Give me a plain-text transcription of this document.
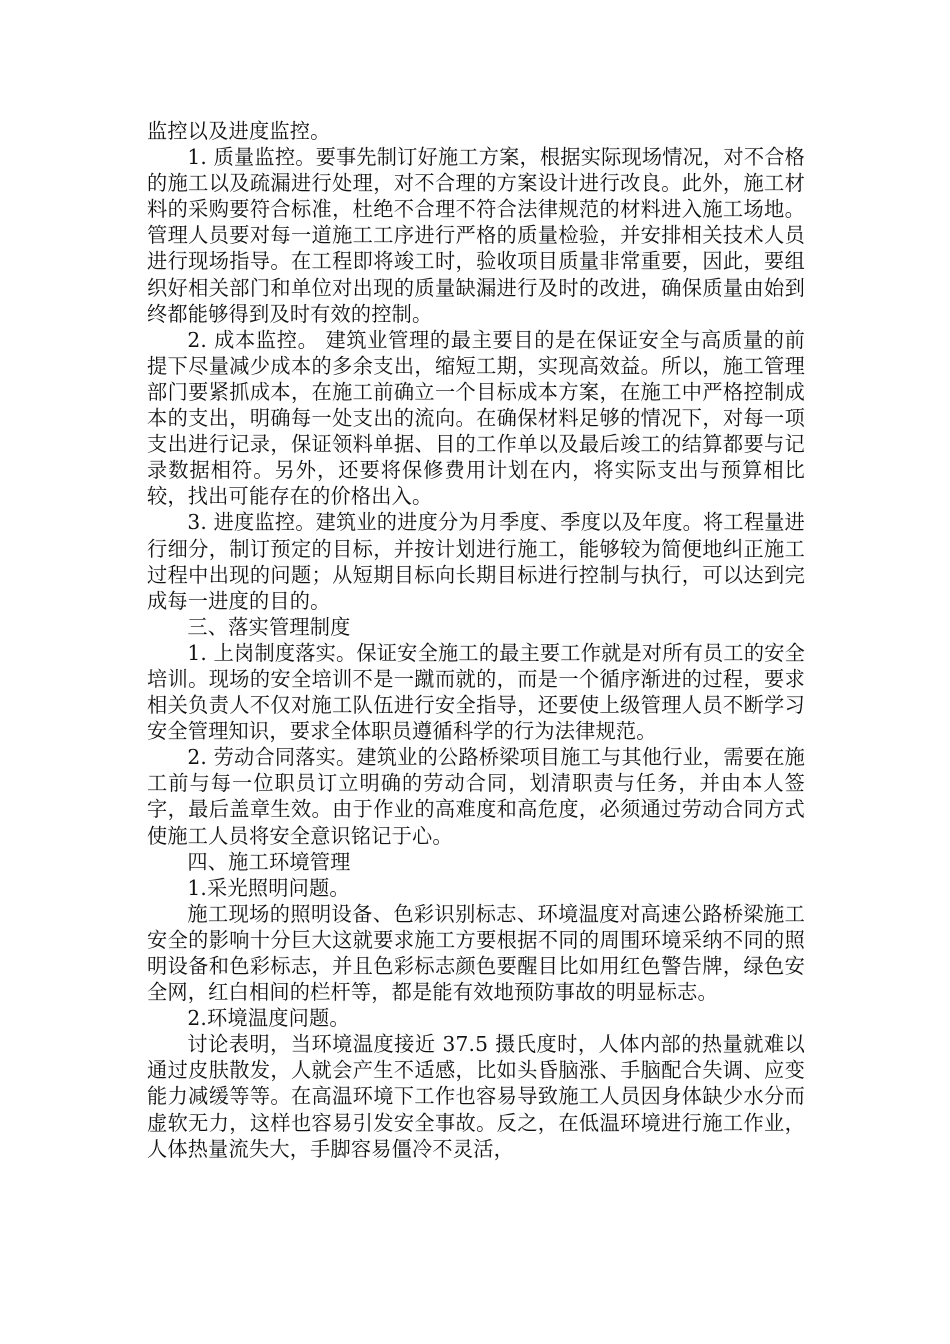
监控以及进度监控。

1. 质量监控。要事先制订好施工方案，根据实际现场情况，对不合格的施工以及疏漏进行处理，对不合理的方案设计进行改良。此外，施工材料的采购要符合标准，杜绝不合理不符合法律规范的材料进入施工场地。管理人员要对每一道施工工序进行严格的质量检验，并安排相关技术人员进行现场指导。在工程即将竣工时，验收项目质量非常重要，因此，要组织好相关部门和单位对出现的质量缺漏进行及时的改进，确保质量由始到终都能够得到及时有效的控制。

2. 成本监控。 建筑业管理的最主要目的是在保证安全与高质量的前提下尽量减少成本的多余支出，缩短工期，实现高效益。所以，施工管理部门要紧抓成本，在施工前确立一个目标成本方案，在施工中严格控制成本的支出，明确每一处支出的流向。在确保材料足够的情况下，对每一项支出进行记录，保证领料单据、目的工作单以及最后竣工的结算都要与记录数据相符。另外，还要将保修费用计划在内，将实际支出与预算相比较，找出可能存在的价格出入。

3. 进度监控。建筑业的进度分为月季度、季度以及年度。将工程量进行细分，制订预定的目标，并按计划进行施工，能够较为简便地纠正施工过程中出现的问题；从短期目标向长期目标进行控制与执行，可以达到完成每一进度的目的。

三、落实管理制度

1. 上岗制度落实。保证安全施工的最主要工作就是对所有员工的安全培训。现场的安全培训不是一蹴而就的，而是一个循序渐进的过程，要求相关负责人不仅对施工队伍进行安全指导，还要使上级管理人员不断学习安全管理知识，要求全体职员遵循科学的行为法律规范。

2. 劳动合同落实。建筑业的公路桥梁项目施工与其他行业，需要在施工前与每一位职员订立明确的劳动合同，划清职责与任务，并由本人签字，最后盖章生效。由于作业的高难度和高危度，必须通过劳动合同方式使施工人员将安全意识铭记于心。

四、施工环境管理

1.采光照明问题。

施工现场的照明设备、色彩识别标志、环境温度对高速公路桥梁施工安全的影响十分巨大这就要求施工方要根据不同的周围环境采纳不同的照明设备和色彩标志，并且色彩标志颜色要醒目比如用红色警告牌，绿色安全网，红白相间的栏杆等，都是能有效地预防事故的明显标志。

2.环境温度问题。

讨论表明，当环境温度接近 37.5 摄氏度时，人体内部的热量就难以通过皮肤散发，人就会产生不适感，比如头昏脑涨、手脑配合失调、应变能力减缓等等。在高温环境下工作也容易导致施工人员因身体缺少水分而虚软无力，这样也容易引发安全事故。反之，在低温环境进行施工作业，人体热量流失大，手脚容易僵冷不灵活，
